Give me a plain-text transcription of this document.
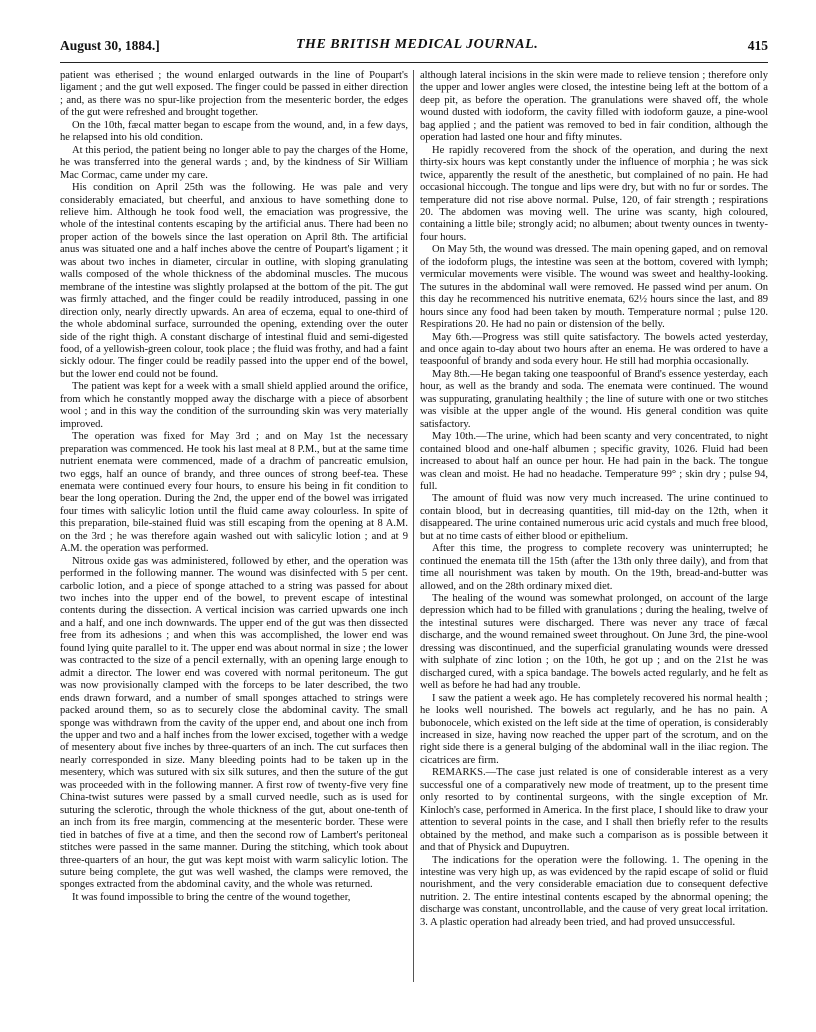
August 30, 1884.]	THE BRITISH MEDICAL JOURNAL.	415

patient was etherised ; the wound enlarged outwards in the line of Poupart's ligament ; and the gut well exposed. The finger could be passed in either direction ; and, as there was no spur-like projection from the mesenteric border, the edges of the gut were refreshed and brought together.

On the 10th, fæcal matter began to escape from the wound, and, in a few days, he relapsed into his old condition.

At this period, the patient being no longer able to pay the charges of the Home, he was transferred into the general wards ; and, by the kindness of Sir William Mac Cormac, came under my care.

His condition on April 25th was the following. He was pale and very considerably emaciated, but cheerful, and anxious to have something done to relieve him. Although he took food well, the emaciation was progressive, the whole of the intestinal contents escaping by the artificial anus. There had been no proper action of the bowels since the last operation on April 8th. The artificial anus was situated one and a half inches above the centre of Poupart's ligament ; it was about two inches in diameter, circular in outline, with sloping granulating walls composed of the whole thickness of the abdominal muscles. The mucous membrane of the intestine was slightly prolapsed at the bottom of the pit. The gut was firmly attached, and the finger could be readily introduced, passing in one direction only, nearly directly upwards. An area of eczema, equal to one-third of the whole abdominal surface, surrounded the opening, extending over the outer side of the right thigh. A constant discharge of intestinal fluid and semi-digested food, of a yellowish-green colour, took place ; the fluid was frothy, and had a faint sickly odour. The finger could be readily passed into the upper end of the bowel, but the lower end could not be found.

The patient was kept for a week with a small shield applied around the orifice, from which he constantly mopped away the discharge with a piece of absorbent wool ; and in this way the condition of the surrounding skin was very materially improved.

The operation was fixed for May 3rd ; and on May 1st the necessary preparation was commenced. He took his last meal at 8 P.M., but at the same time nutrient enemata were commenced, made of a drachm of pancreatic emulsion, two eggs, half an ounce of brandy, and three ounces of strong beef-tea. These enemata were continued every four hours, to ensure his being in fit condition to bear the long operation. During the 2nd, the upper end of the bowel was irrigated four times with salicylic lotion until the fluid came away colourless. In spite of this preparation, bile-stained fluid was still escaping from the opening at 8 A.M. on the 3rd ; he was therefore again washed out with salicylic lotion ; and at 9 A.M. the operation was performed.

Nitrous oxide gas was administered, followed by ether, and the operation was performed in the following manner. The wound was disinfected with 5 per cent. carbolic lotion, and a piece of sponge attached to a string was passed for about two inches into the upper end of the bowel, to prevent escape of intestinal contents during the dissection. A vertical incision was carried upwards one inch and a half, and one inch downwards. The upper end of the gut was then dissected free from its adhesions ; and when this was accomplished, the lower end was found lying quite parallel to it. The upper end was about normal in size ; the lower was contracted to the size of a pencil externally, with an opening large enough to admit a director. The lower end was covered with normal peritoneum. The gut was now provisionally clamped with the forceps to be later described, the two ends drawn forward, and a number of small sponges attached to strings were packed around them, so as to securely close the abdominal cavity. The small sponge was withdrawn from the cavity of the upper end, and about one inch from the upper and two and a half inches from the lower excised, together with a wedge of mesentery about five inches by three-quarters of an inch. The cut surfaces then nearly corresponded in size. Many bleeding points had to be taken up in the mesentery, which was sutured with six silk sutures, and then the suture of the gut was proceeded with in the following manner. A first row of twenty-five very fine China-twist sutures were passed by a small curved needle, such as is used for suturing the sclerotic, through the whole thickness of the gut, about one-tenth of an inch from its free margin, commencing at the mesenteric border. These were tied in batches of five at a time, and then the second row of Lambert's peritoneal stitches were passed in the same manner. During the stitching, which took about three-quarters of an hour, the gut was kept moist with warm salicylic lotion. The suture being complete, the gut was well washed, the clamps were removed, the sponges extracted from the abdominal cavity, and the whole was returned.

It was found impossible to bring the centre of the wound together,

although lateral incisions in the skin were made to relieve tension ; therefore only the upper and lower angles were closed, the intestine being left at the bottom of a deep pit, as before the operation. The granulations were shaved off, the whole wound dusted with iodoform, the cavity filled with iodoform gauze, a pine-wool bag applied ; and the patient was removed to bed in fair condition, although the operation had lasted one hour and fifty minutes.

He rapidly recovered from the shock of the operation, and during the next thirty-six hours was kept constantly under the influence of morphia ; he was sick twice, apparently the result of the anesthetic, but complained of no pain. He had occasional hiccough. The tongue and lips were dry, but with no fur or sordes. The temperature did not rise above normal. Pulse, 120, of fair strength ; respirations 20. The abdomen was moving well. The urine was scanty, high coloured, containing a little bile; strongly acid; no albumen; about twenty ounces in twenty-four hours.

On May 5th, the wound was dressed. The main opening gaped, and on removal of the iodoform plugs, the intestine was seen at the bottom, covered with lymph; vermicular movements were visible. The wound was sweet and healthy-looking. The sutures in the abdominal wall were removed. He passed wind per anum. On this day he recommenced his nutritive enemata, 62½ hours since the last, and 89 hours since any food had been taken by mouth. Temperature normal ; pulse 120. Respirations 20. He had no pain or distension of the belly.

May 6th.—Progress was still quite satisfactory. The bowels acted yesterday, and once again to-day about two hours after an enema. He was ordered to have a teaspoonful of brandy and soda every hour. He still had morphia occasionally.

May 8th.—He began taking one teaspoonful of Brand's essence yesterday, each hour, as well as the brandy and soda. The enemata were continued. The wound was suppurating, granulating healthily ; the line of suture with one or two stitches was visible at the upper angle of the wound. His general condition was quite satisfactory.

May 10th.—The urine, which had been scanty and very concentrated, to night contained blood and one-half albumen ; specific gravity, 1026. Fluid had been increased to about half an ounce per hour. He had pain in the back. The tongue was clean and moist. He had no headache. Temperature 99° ; skin dry ; pulse 94, full.

The amount of fluid was now very much increased. The urine continued to contain blood, but in decreasing quantities, till mid-day on the 12th, when it disappeared. The urine contained numerous uric acid cystals and much free blood, but at no time casts of either blood or epithelium.

After this time, the progress to complete recovery was uninterrupted; he continued the enemata till the 15th (after the 13th only three daily), and from that time all nourishment was taken by mouth. On the 19th, bread-and-butter was allowed, and on the 28th ordinary mixed diet.

The healing of the wound was somewhat prolonged, on account of the large depression which had to be filled with granulations ; during the healing, twelve of the intestinal sutures were discharged. There was never any trace of fæcal discharge, and the wound remained sweet throughout. On June 3rd, the pine-wool dressing was discontinued, and the superficial granulating wounds were dressed with sulphate of zinc lotion ; on the 10th, he got up ; and on the 21st he was discharged cured, with a spica bandage. The bowels acted regularly, and he felt as well as before he had had any trouble.

I saw the patient a week ago. He has completely recovered his normal health ; he looks well nourished. The bowels act regularly, and he has no pain. A bubonocele, which existed on the left side at the time of operation, is considerably increased in size, having now reached the upper part of the scrotum, and on the right side there is a general bulging of the abdominal wall in the iliac region. The cicatrices are firm.

REMARKS.—The case just related is one of considerable interest as a very successful one of a comparatively new mode of treatment, up to the present time only resorted to by continental surgeons, with the single exception of Mr. Kinloch's case, performed in America. In the first place, I should like to draw your attention to several points in the case, and I shall then briefly refer to the results obtained by the method, and make such a comparison as is possible between it and that of Physick and Dupuytren.

The indications for the operation were the following. 1. The opening in the intestine was very high up, as was evidenced by the rapid escape of solid or fluid nourishment, and the very considerable emaciation due to consequent defective nutrition. 2. The entire intestinal contents escaped by the abnormal opening; the discharge was constant, uncontrollable, and the cause of very great local irritation. 3. A plastic operation had already been tried, and had proved unsuccessful.
